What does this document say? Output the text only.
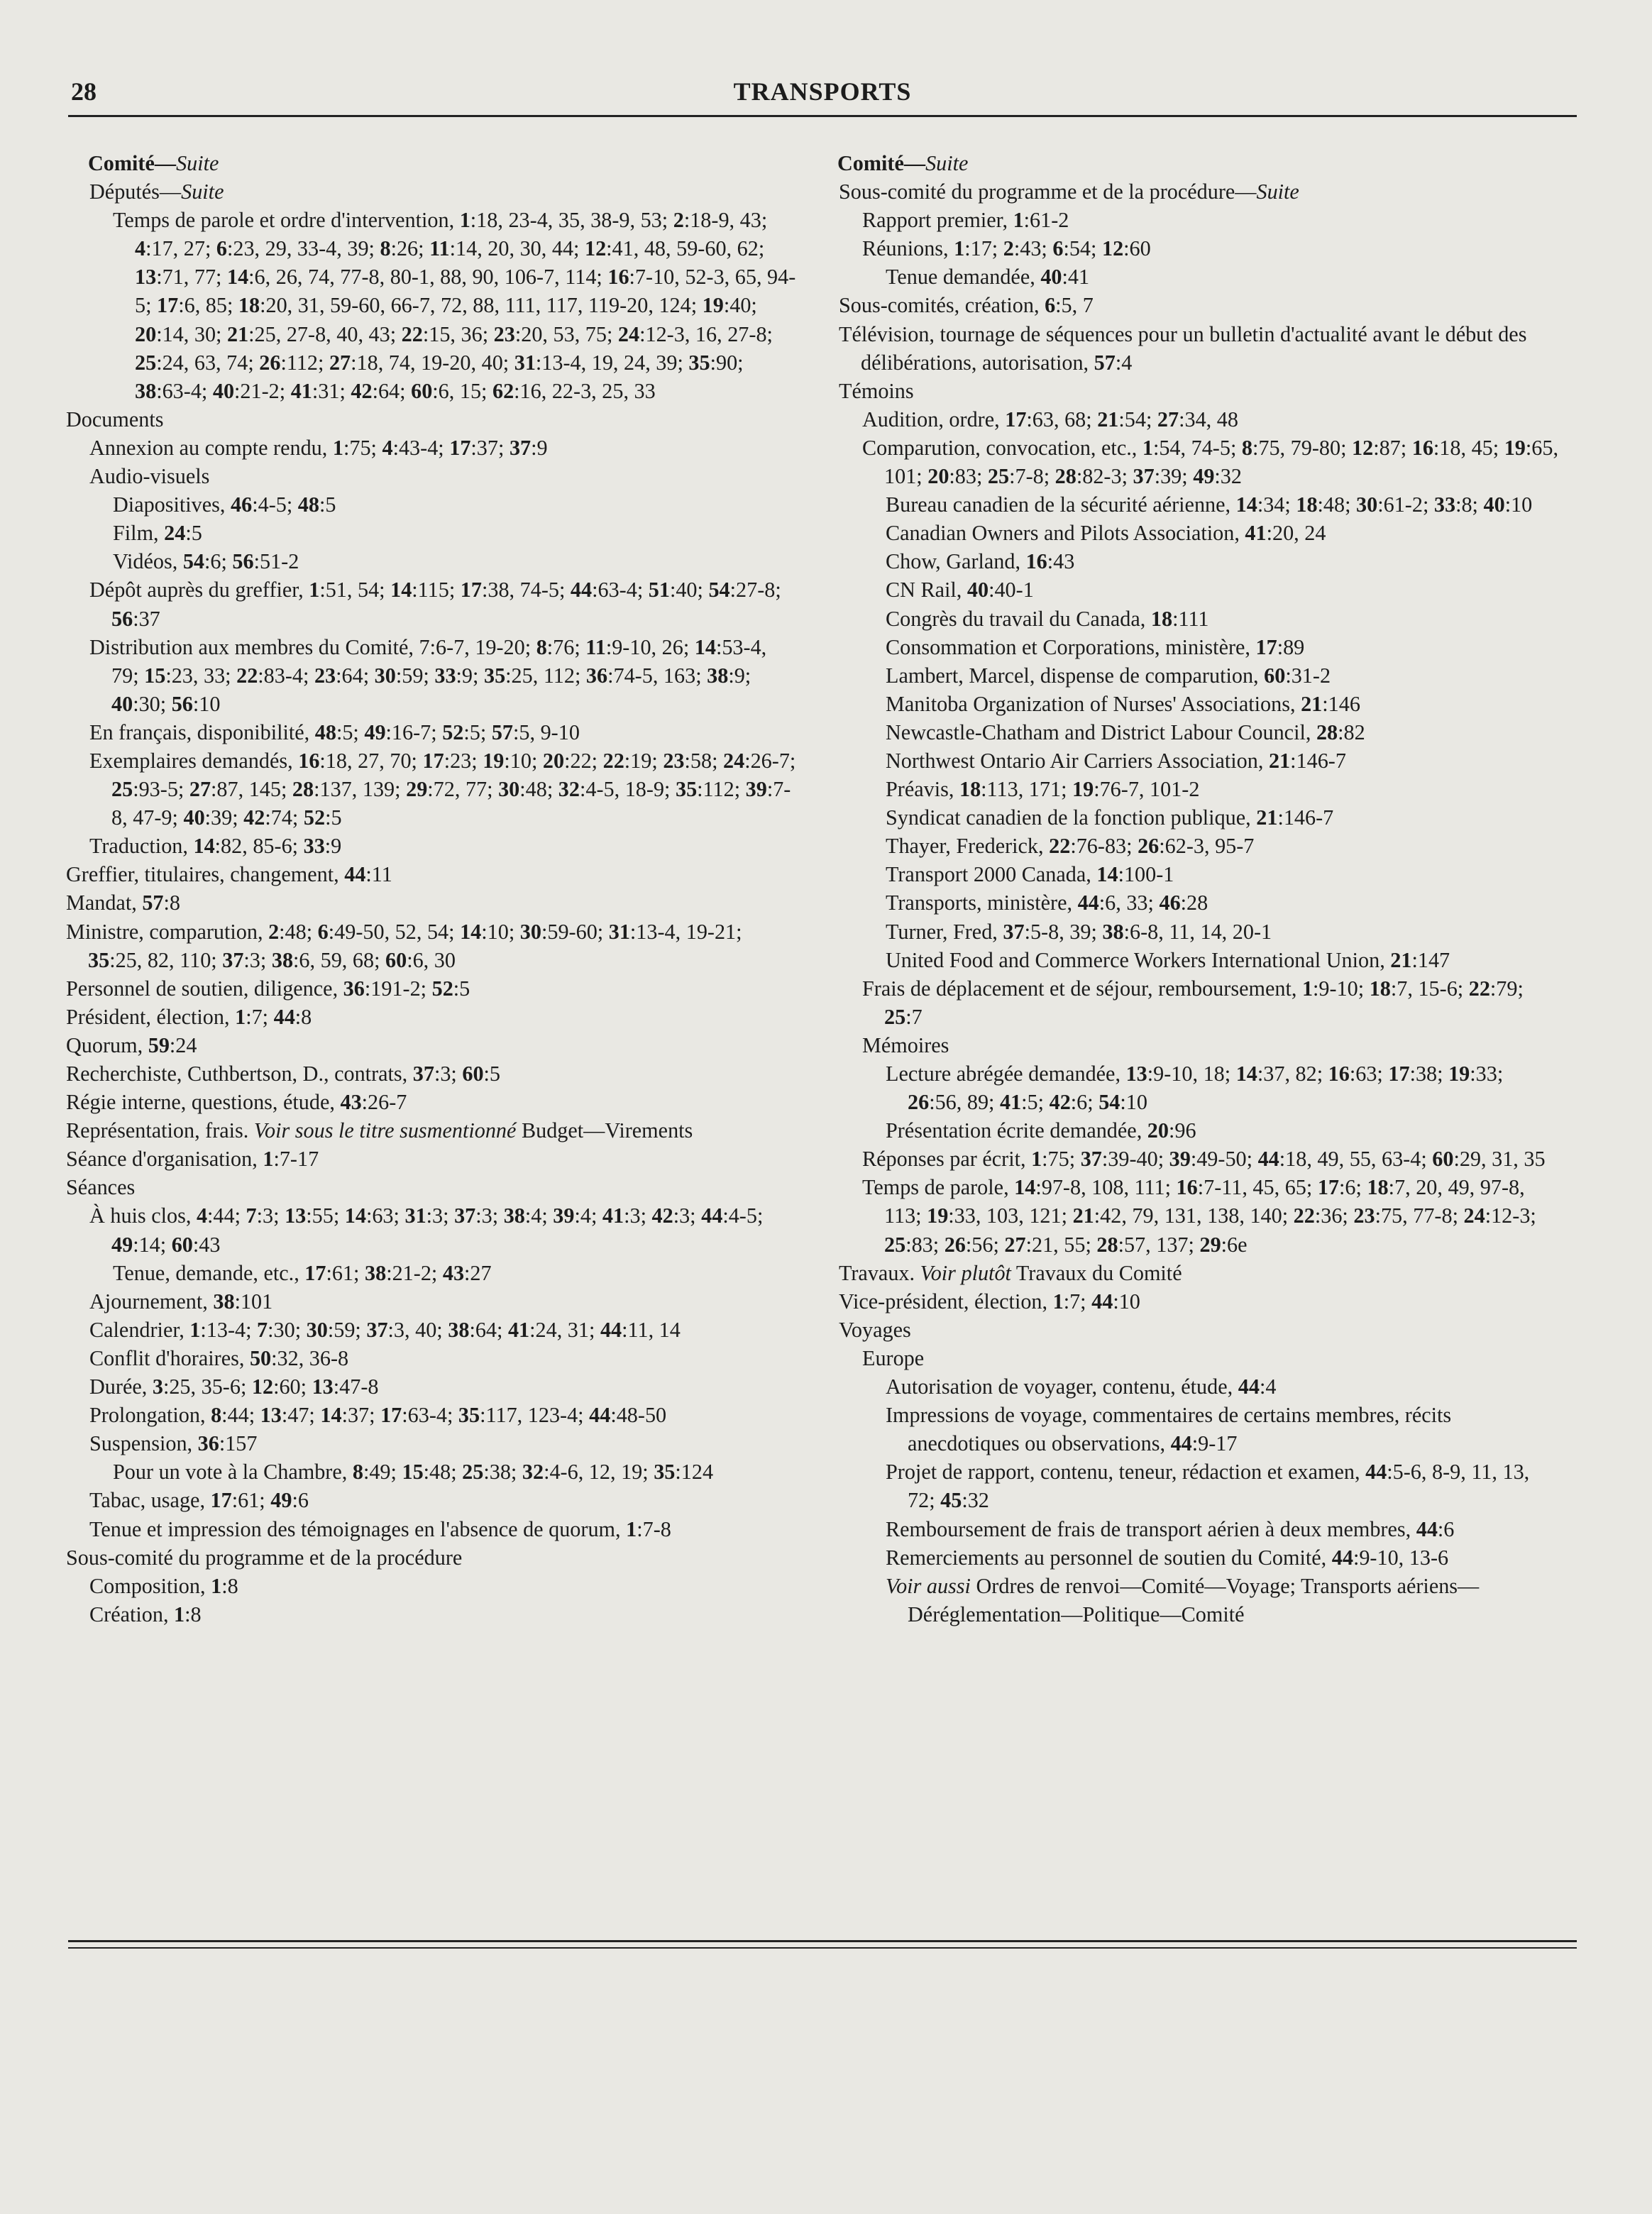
28	TRANSPORTS
Comité—Suite
Députés—Suite
Temps de parole et ordre d'intervention, 1:18, 23-4, 35, 38-9, 53; 2:18-9, 43; 4:17, 27; 6:23, 29, 33-4, 39; 8:26; 11:14, 20, 30, 44; 12:41, 48, 59-60, 62; 13:71, 77; 14:6, 26, 74, 77-8, 80-1, 88, 90, 106-7, 114; 16:7-10, 52-3, 65, 94-5; 17:6, 85; 18:20, 31, 59-60, 66-7, 72, 88, 111, 117, 119-20, 124; 19:40; 20:14, 30; 21:25, 27-8, 40, 43; 22:15, 36; 23:20, 53, 75; 24:12-3, 16, 27-8; 25:24, 63, 74; 26:112; 27:18, 74, 19-20, 40; 31:13-4, 19, 24, 39; 35:90; 38:63-4; 40:21-2; 41:31; 42:64; 60:6, 15; 62:16, 22-3, 25, 33
Documents
Annexion au compte rendu, 1:75; 4:43-4; 17:37; 37:9
Audio-visuels
Diapositives, 46:4-5; 48:5
Film, 24:5
Vidéos, 54:6; 56:51-2
Dépôt auprès du greffier, 1:51, 54; 14:115; 17:38, 74-5; 44:63-4; 51:40; 54:27-8; 56:37
Distribution aux membres du Comité, 7:6-7, 19-20; 8:76; 11:9-10, 26; 14:53-4, 79; 15:23, 33; 22:83-4; 23:64; 30:59; 33:9; 35:25, 112; 36:74-5, 163; 38:9; 40:30; 56:10
En français, disponibilité, 48:5; 49:16-7; 52:5; 57:5, 9-10
Exemplaires demandés, 16:18, 27, 70; 17:23; 19:10; 20:22; 22:19; 23:58; 24:26-7; 25:93-5; 27:87, 145; 28:137, 139; 29:72, 77; 30:48; 32:4-5, 18-9; 35:112; 39:7-8, 47-9; 40:39; 42:74; 52:5
Traduction, 14:82, 85-6; 33:9
Greffier, titulaires, changement, 44:11
Mandat, 57:8
Ministre, comparution, 2:48; 6:49-50, 52, 54; 14:10; 30:59-60; 31:13-4, 19-21; 35:25, 82, 110; 37:3; 38:6, 59, 68; 60:6, 30
Personnel de soutien, diligence, 36:191-2; 52:5
Président, élection, 1:7; 44:8
Quorum, 59:24
Recherchiste, Cuthbertson, D., contrats, 37:3; 60:5
Régie interne, questions, étude, 43:26-7
Représentation, frais. Voir sous le titre susmentionné Budget—Virements
Séance d'organisation, 1:7-17
Séances
À huis clos, 4:44; 7:3; 13:55; 14:63; 31:3; 37:3; 38:4; 39:4; 41:3; 42:3; 44:4-5; 49:14; 60:43
Tenue, demande, etc., 17:61; 38:21-2; 43:27
Ajournement, 38:101
Calendrier, 1:13-4; 7:30; 30:59; 37:3, 40; 38:64; 41:24, 31; 44:11, 14
Conflit d'horaires, 50:32, 36-8
Durée, 3:25, 35-6; 12:60; 13:47-8
Prolongation, 8:44; 13:47; 14:37; 17:63-4; 35:117, 123-4; 44:48-50
Suspension, 36:157
Pour un vote à la Chambre, 8:49; 15:48; 25:38; 32:4-6, 12, 19; 35:124
Tabac, usage, 17:61; 49:6
Tenue et impression des témoignages en l'absence de quorum, 1:7-8
Sous-comité du programme et de la procédure
Composition, 1:8
Création, 1:8
Comité—Suite
Sous-comité du programme et de la procédure—Suite
Rapport premier, 1:61-2
Réunions, 1:17; 2:43; 6:54; 12:60
Tenue demandée, 40:41
Sous-comités, création, 6:5, 7
Télévision, tournage de séquences pour un bulletin d'actualité avant le début des délibérations, autorisation, 57:4
Témoins
Audition, ordre, 17:63, 68; 21:54; 27:34, 48
Comparution, convocation, etc., 1:54, 74-5; 8:75, 79-80; 12:87; 16:18, 45; 19:65, 101; 20:83; 25:7-8; 28:82-3; 37:39; 49:32
Bureau canadien de la sécurité aérienne, 14:34; 18:48; 30:61-2; 33:8; 40:10
Canadian Owners and Pilots Association, 41:20, 24
Chow, Garland, 16:43
CN Rail, 40:40-1
Congrès du travail du Canada, 18:111
Consommation et Corporations, ministère, 17:89
Lambert, Marcel, dispense de comparution, 60:31-2
Manitoba Organization of Nurses' Associations, 21:146
Newcastle-Chatham and District Labour Council, 28:82
Northwest Ontario Air Carriers Association, 21:146-7
Préavis, 18:113, 171; 19:76-7, 101-2
Syndicat canadien de la fonction publique, 21:146-7
Thayer, Frederick, 22:76-83; 26:62-3, 95-7
Transport 2000 Canada, 14:100-1
Transports, ministère, 44:6, 33; 46:28
Turner, Fred, 37:5-8, 39; 38:6-8, 11, 14, 20-1
United Food and Commerce Workers International Union, 21:147
Frais de déplacement et de séjour, remboursement, 1:9-10; 18:7, 15-6; 22:79; 25:7
Mémoires
Lecture abrégée demandée, 13:9-10, 18; 14:37, 82; 16:63; 17:38; 19:33; 26:56, 89; 41:5; 42:6; 54:10
Présentation écrite demandée, 20:96
Réponses par écrit, 1:75; 37:39-40; 39:49-50; 44:18, 49, 55, 63-4; 60:29, 31, 35
Temps de parole, 14:97-8, 108, 111; 16:7-11, 45, 65; 17:6; 18:7, 20, 49, 97-8, 113; 19:33, 103, 121; 21:42, 79, 131, 138, 140; 22:36; 23:75, 77-8; 24:12-3; 25:83; 26:56; 27:21, 55; 28:57, 137; 29:6e
Travaux. Voir plutôt Travaux du Comité
Vice-président, élection, 1:7; 44:10
Voyages
Europe
Autorisation de voyager, contenu, étude, 44:4
Impressions de voyage, commentaires de certains membres, récits anecdotiques ou observations, 44:9-17
Projet de rapport, contenu, teneur, rédaction et examen, 44:5-6, 8-9, 11, 13, 72; 45:32
Remboursement de frais de transport aérien à deux membres, 44:6
Remerciements au personnel de soutien du Comité, 44:9-10, 13-6
Voir aussi Ordres de renvoi—Comité—Voyage; Transports aériens—Déréglementation—Politique—Comité
